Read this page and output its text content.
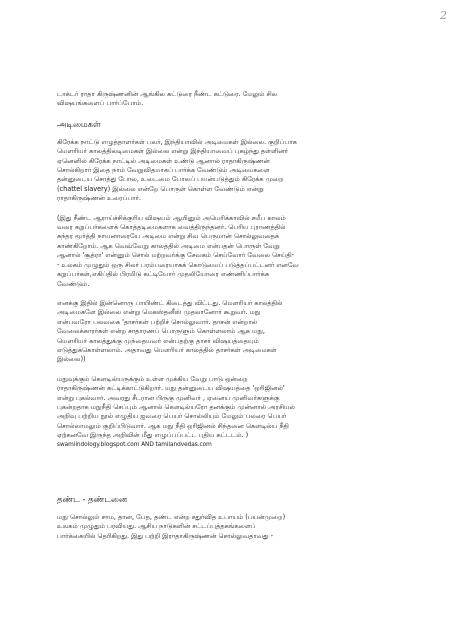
2
டாக்டர் ராதா கிருஷ்ணனின் ஆங்கில கட்டுரை நீண்ட கட்டுரை. மேலும் சில
விஷயங்களைப் பார்ப்போம்.
அடிமைகள்
கிரேக்க நாட்டு எழுத்தாளர்கள் பலர், இந்தியாவில் அடிமைகள் இல்லை. குறிப்பாக
மௌரியர் காலத்திலடிமைகள் இல்லை என்று இந்தியாவைப் புகழ்ந்து தள்ளினர்
ஏனெனில் கிரேக்க நாட்டில் அடிமைகள் உண்டு ஆனால் ராதாகிருஷ்ணன்
சொல்கிறார் இதை நாம் வேறுவிதமாகப் பார்க்க வேண்டும் அடிமைகளை
தன்னுடைய சொத்து போல, உடைமை போலப் பயன்படுத்தும் கிரேக்க முறை
(chattel slavery) இல்லை என்றே பொருள் கொள்ள வேண்டும் என்று
ராதாகிருஷ்ணன் உரைப்பார்.
(இது நீண்ட ஆராய்ச்சிக்குரிய விஷயம் ஆயினும் அமெரிக்காவில் சமீப காலம்
வரை கறுப்பர்களைக் கொத்தடிமைகளாக வைத்திருந்தனர். பெரிய புராணத்தில்
சுந்தர மூர்த்தி நாயனாரையே அடிமை என்று சிவ பெருமான் சொல்லுவதைக்
காண்கிறோம். ஆக வெவ்வேறு காலத்தில் அடிமை என்பதன் பொருள் வேறு
ஆனால் 'சூத்ரா' என்னும் சொல் மற்றவர்க்கு சேவகம் செய்வோர் வேலை செய்தி-
- உலகம் முழுதும் ஒரு சிலர் பரம்பரையாகக் கொடுமைப் படுத்தப்பட்டனர் எனவே
கறுப்பர்கள்,எகிப்தில் பிரமிடு கட்டியோர் முதலியோரை எண்ணிப்பார்க்க
வேண்டும்.
எனக்கு இதில் இன்னொரு பாயிண்ட் கிடைத்து விட்டது. மௌரியர் காலத்தில்
அடிமைகளே இல்லை என்று மெகஸ்தனீஸ் முதலானோர் கூறுவர். மநு
என்பவரோ பலவகை 'தாசர்கள் பற்றிச் சொல்லுவார். தாசன் என்றால்
வேலைக்காரர்கள் என்ற சாதாரணப் பொருளும் கொள்ளலாம் ஆக மநு,
மௌரியர் காலத்துக்கு முந்தையவர் என்பதற்கு தாசர் விஷயத்தையும்
எடுத்துக்கொள்ளலாம். அதாவது மௌரியர் காலத்தில் தாசர்கள் அடிமைகள்
இல்லை))
மநுவுக்கும் கௌடில்யருக்கும் உள்ள முக்கிய வேறு பாடு ஒன்றை
ராதாகிருஷ்ணன் சுட்டிக்காட்டுகிறார். மநு தன்னுடைய விஷயத்தை 'ஒரிஜினல்'
என்று புகல்வார். அவரது சீடரான பிருகு முனிவர் , ஏனைய முனிவர்களுக்கு
புகன்றதாக மநுநீதி செப்பும் ஆனால் கௌடில்யரோ தனக்கும் முன்னால் அரசியல்
அறிவு பற்றிய நூல் எழுதிய ஐவரை பெயர் சொல்லியும் மேலும் பலரை பெயர்
சொல்லாமலும் குறிப்பிடுவார். ஆக மநு நீதி ஒரிஜினல் சிந்தனை கௌடில்ய நீதி
ஏற்கனவே இருந்த அறிவின் மீது எழுப்பப்பட்ட புதிய கட்டடம். )
swamiindology.blogspot.com AND tamilandvedas.com
தண்ட - தண்டனை
மநு சொல்லும் சாம, தான, பேத, தண்ட என்ற சதுர்வித உபாயம் (பயன்முறை)
உலகம் முழுதும் பரவியது. ஆசிய நாடுகளின் சட்டப்புத்தகங்களைப்
பார்க்கையில் தெரிகிறது. இது பற்றி இராதாகிருஷ்ணன் சொல்லுவதாவது -
